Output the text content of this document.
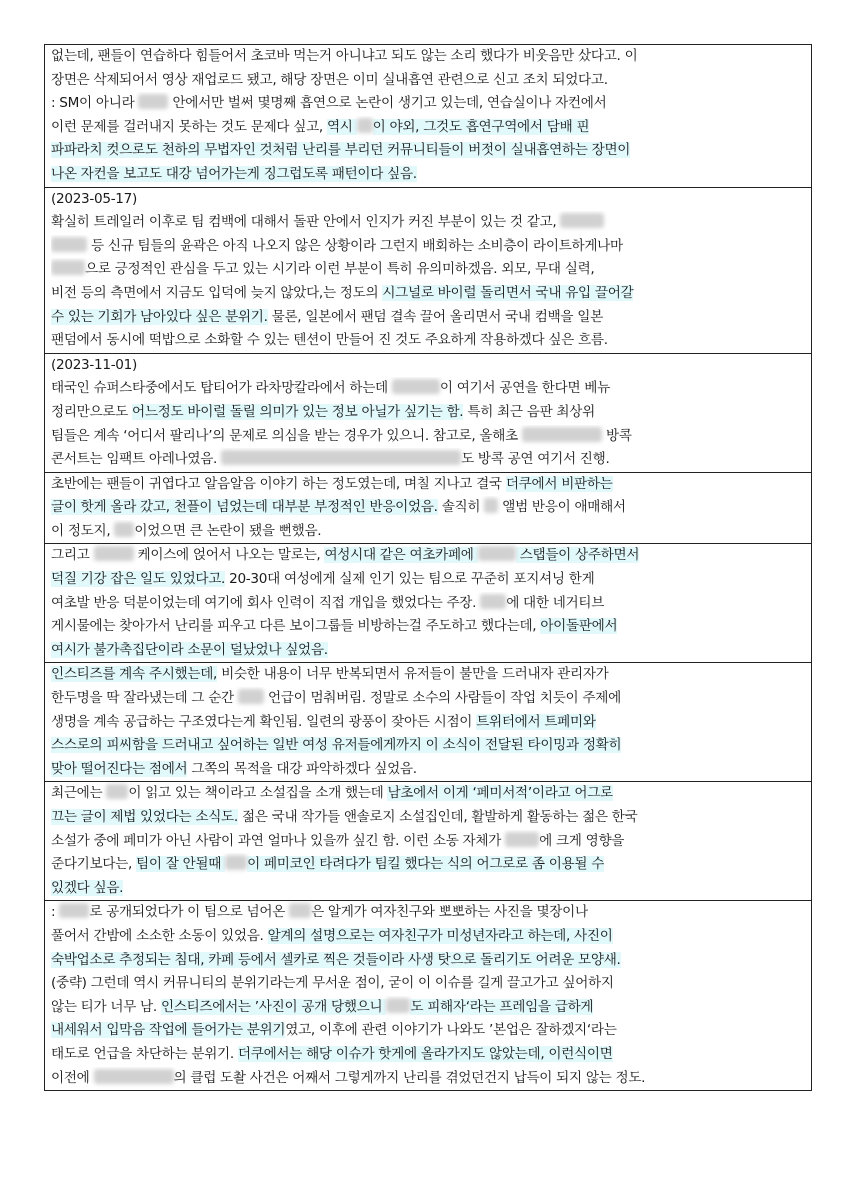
없는데, 팬들이 연습하다 힘들어서 초코바 먹는거 아니냐고 되도 않는 소리 했다가 비웃음만 샀다고. 이
장면은 삭제되어서 영상 재업로드 됐고, 해당 장면은 이미 실내흡연 관련으로 신고 조치 되었다고.
: SM이 아니라  안에서만 벌써 몇명째 흡연으로 논란이 생기고 있는데, 연습실이나 자컨에서
이런 문제를 걸러내지 못하는 것도 문제다 싶고, 역시 이 야외, 그것도 흡연구역에서 담배 핀
파파라치 컷으로도 천하의 무법자인 것처럼 난리를 부리던 커뮤니티들이 버젓이 실내흡연하는 장면이
나온 자컨을 보고도 대강 넘어가는게 징그럽도록 패턴이다 싶음.
(2023-05-17)
확실히 트레일러 이후로 팀 컴백에 대해서 돌판 안에서 인지가 커진 부분이 있는 것 같고,
등 신규 팀들의 윤곽은 아직 나오지 않은 상황이라 그런지 배회하는 소비층이 라이트하게나마
으로 긍정적인 관심을 두고 있는 시기라 이런 부분이 특히 유의미하겠음. 외모, 무대 실력,
비전 등의 측면에서 지금도 입덕에 늦지 않았다,는 정도의 시그널로 바이럴 돌리면서 국내 유입 끌어갈
수 있는 기회가 남아있다 싶은 분위기. 물론, 일본에서 팬덤 결속 끌어 올리면서 국내 컴백을 일본
팬덤에서 동시에 떡밥으로 소화할 수 있는 텐션이 만들어 진 것도 주요하게 작용하겠다 싶은 흐름.
(2023-11-01)
태국인 슈퍼스타중에서도 탑티어가 라차망칼라에서 하는데	이 여기서 공연을 한다면 베뉴
정리만으로도 어느정도 바이럴 돌릴 의미가 있는 정보 아닐가 싶기는 함. 특히 최근 음판 최상위
팀들은 계속 ‘어디서 팔리나’의 문제로 의심을 받는 경우가 있으니. 참고로, 올해초	방콕
콘서트는 임팩트 아레나였음.	도 방콕 공연 여기서 진행.
초반에는 팬들이 귀엽다고 알음알음 이야기 하는 정도였는데, 며칠 지나고 결국 더쿠에서 비판하는
글이 핫게 올라 갔고, 천플이 넘었는데 대부분 부정적인 반응이었음. 솔직히  앨범 반응이 애매해서
이 정도지, 이었으면 큰 논란이 됐을 뻔했음.
그리고	케이스에 얹어서 나오는 말로는, 여성시대 같은 여초카페에	스탭들이 상주하면서
덕질 기강 잡은 일도 있었다고. 20-30대 여성에게 실제 인기 있는 팀으로 꾸준히 포지셔닝 한게
여초발 반응 덕분이었는데 여기에 회사 인력이 직접 개입을 했었다는 주장. 에 대한 네거티브
게시물에는 찾아가서 난리를 피우고 다른 보이그룹들 비방하는걸 주도하고 했다는데, 아이돌판에서
여시가 불가촉집단이라 소문이 덜났었나 싶었음.
인스티즈를 계속 주시했는데, 비슷한 내용이 너무 반복되면서 유저들이 불만을 드러내자 관리자가
한두명을 딱 잘라냈는데 그 순간  언급이 멈춰버림. 정말로 소수의 사람들이 작업 치듯이 주제에
생명을 계속 공급하는 구조였다는게 확인됨. 일련의 광풍이 잦아든 시점이 트위터에서 트페미와
스스로의 피씨함을 드러내고 싶어하는 일반 여성 유저들에게까지 이 소식이 전달된 타이밍과 정확히
맞아 떨어진다는 점에서 그쪽의 목적을 대강 파악하겠다 싶었음.
최근에는 이 읽고 있는 책이라고 소설집을 소개 했는데 남초에서 이게 ‘페미서적’이라고 어그로
끄는 글이 제법 있었다는 소식도. 젊은 국내 작가들 앤솔로지 소설집인데, 활발하게 활동하는 젊은 한국
소설가 중에 페미가 아닌 사람이 과연 얼마나 있을까 싶긴 함. 이런 소동 자체가	에 크게 영향을
준다기보다는, 팀이 잘 안될때 이 페미코인 타려다가 팀킬 했다는 식의 어그로로 좀 이용될 수
있겠다 싶음.
: 로 공개되었다가 이 팀으로 넘어온 은 알게가 여자친구와 뽀뽀하는 사진을 몇장이나
풀어서 간밤에 소소한 소동이 있었음. 알계의 설명으로는 여자친구가 미성년자라고 하는데, 사진이
숙박업소로 추정되는 침대, 카페 등에서 셀카로 찍은 것들이라 사생 탓으로 돌리기도 어려운 모양새.
(중략) 그런데 역시 커뮤니티의 분위기라는게 무서운 점이, 굳이 이 이슈를 길게 끌고가고 싶어하지
않는 티가 너무 남. 인스티즈에서는 ’사진이 공개 당했으니 도 피해자‘라는 프레임을 급하게
내세워서 입막음 작업에 들어가는 분위기였고, 이후에 관련 이야기가 나와도 ’본업은 잘하겠지‘라는
태도로 언급을 차단하는 분위기. 더쿠에서는 해당 이슈가 핫게에 올라가지도 않았는데, 이런식이면
이전에	의 클럽 도촬 사건은 어째서 그렇게까지 난리를 겪었던건지 납득이 되지 않는 정도.
